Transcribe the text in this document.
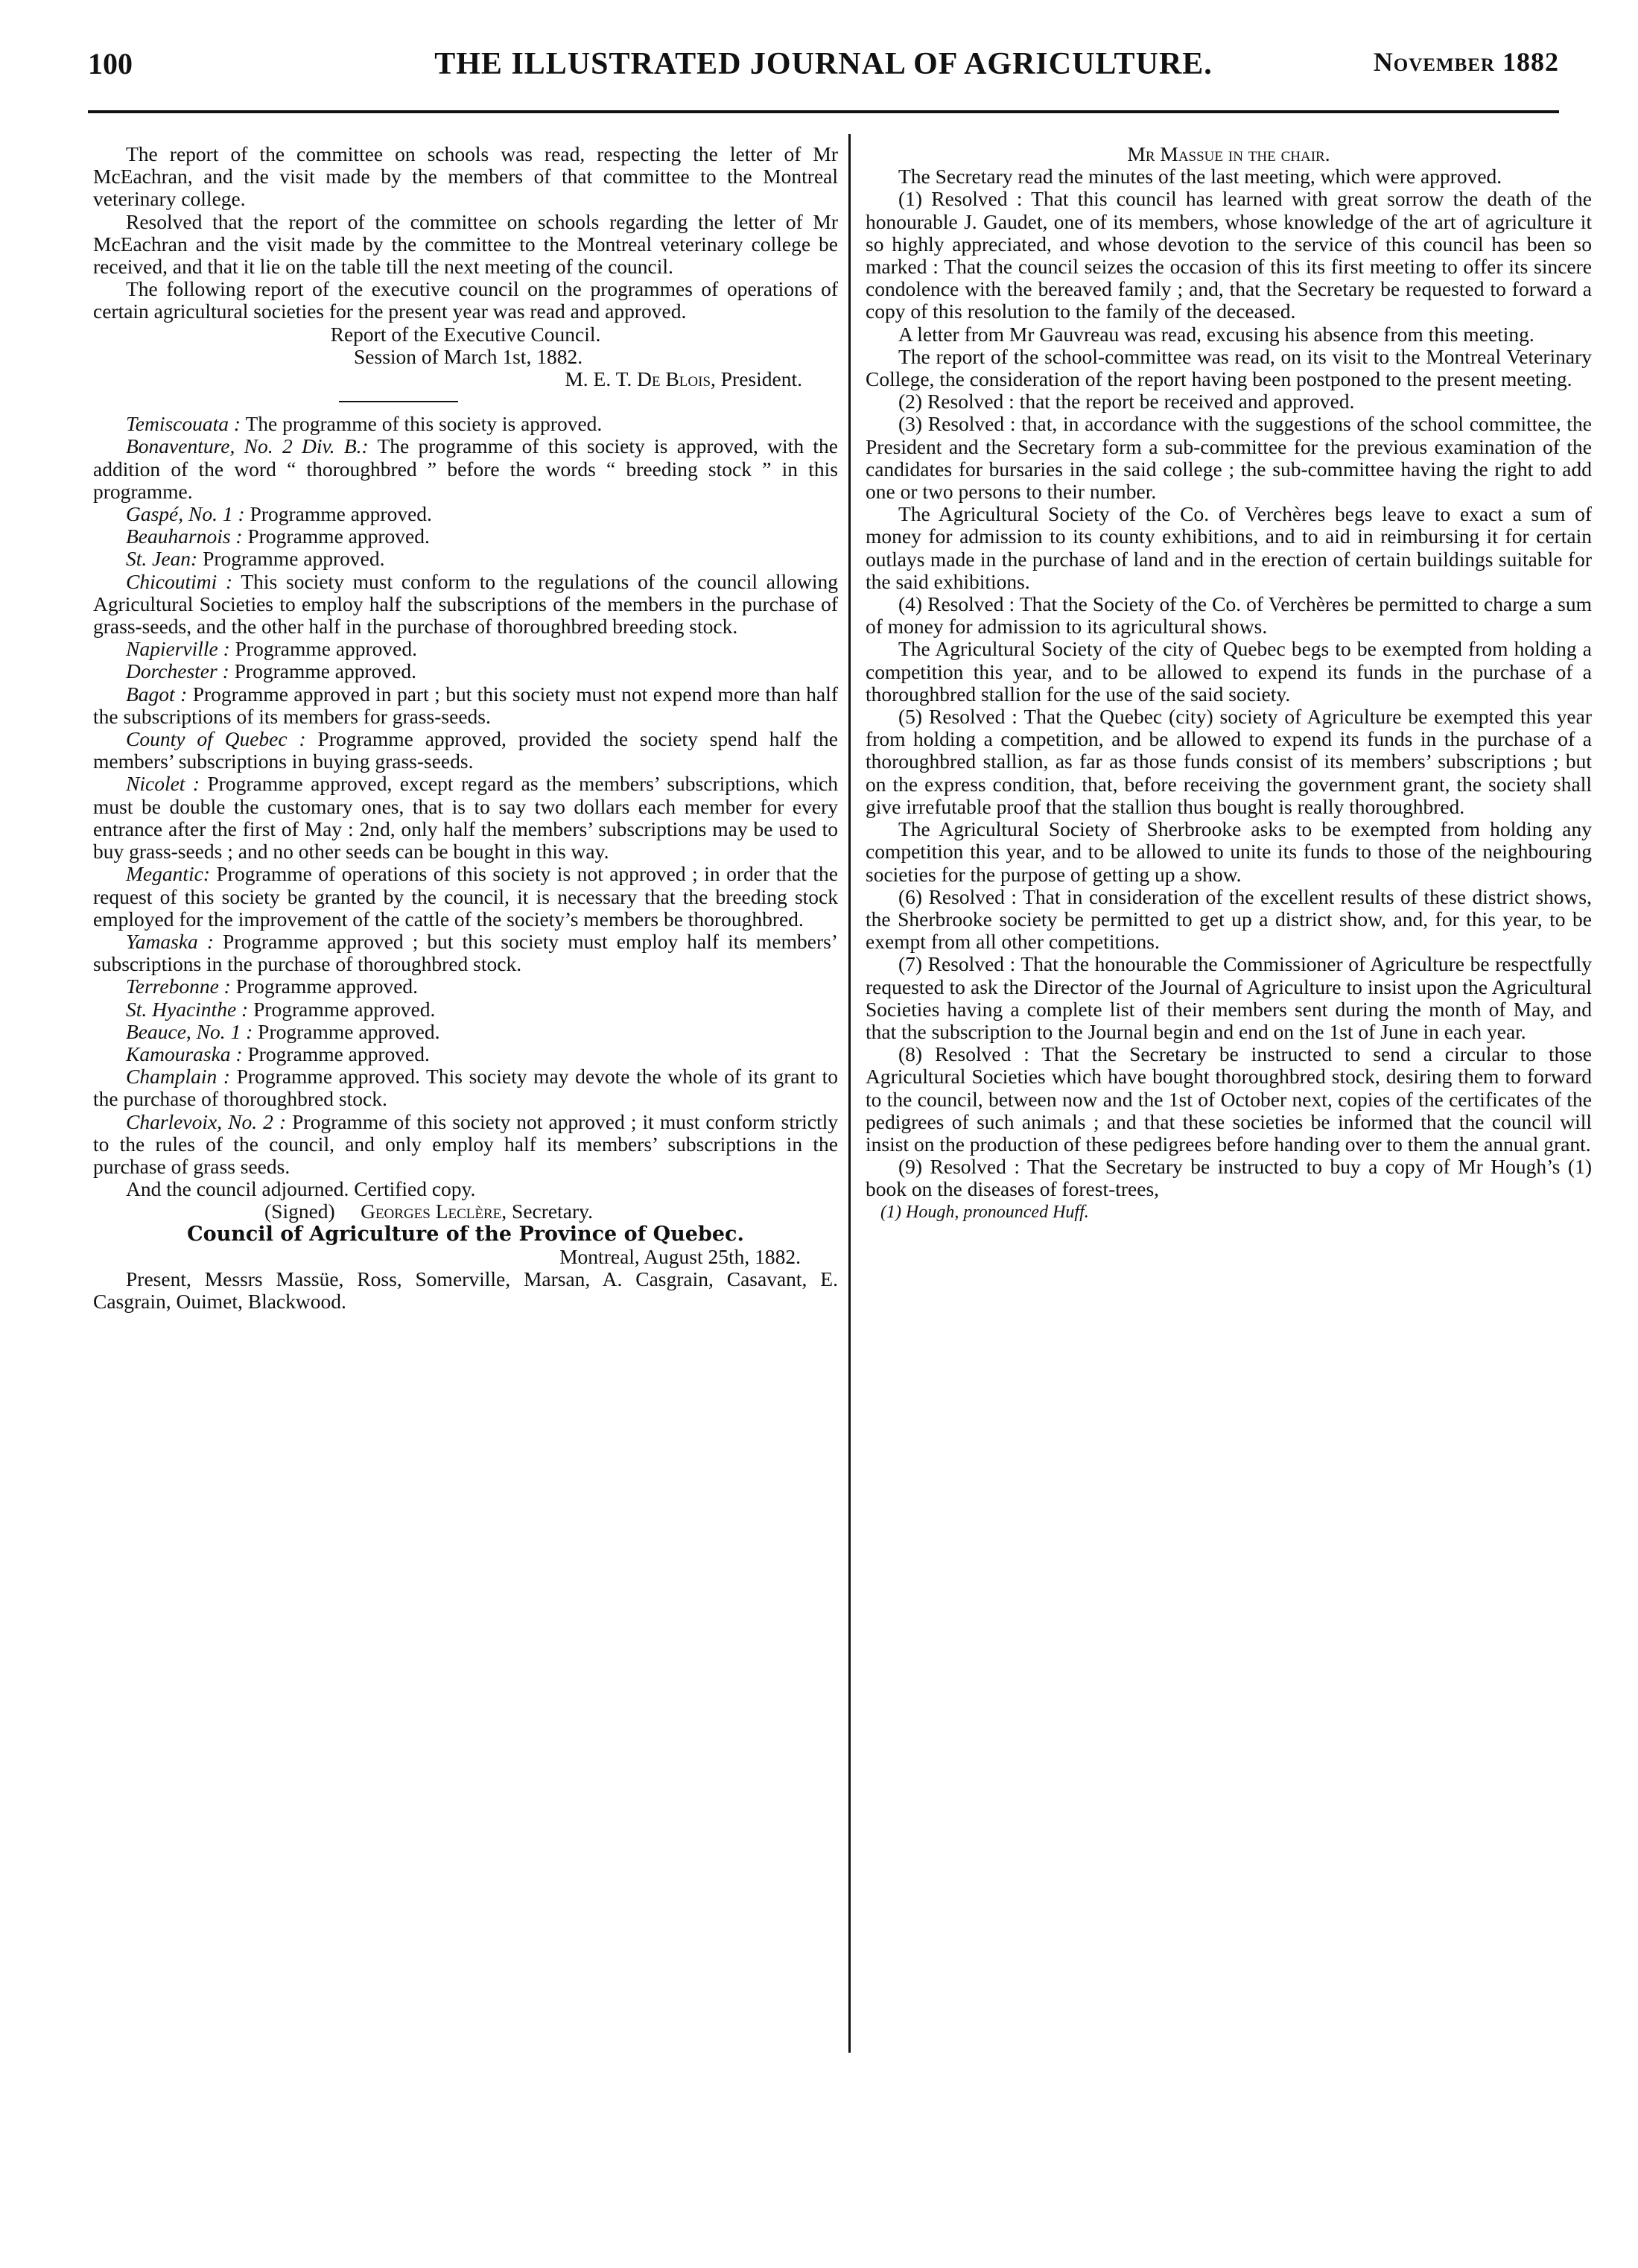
100	THE ILLUSTRATED JOURNAL OF AGRICULTURE.	November 1882

The report of the committee on schools was read, respecting the letter of Mr McEachran, and the visit made by the members of that committee to the Montreal veterinary college.

Resolved that the report of the committee on schools regarding the letter of Mr McEachran and the visit made by the committee to the Montreal veterinary college be received, and that it lie on the table till the next meeting of the council.

The following report of the executive council on the programmes of operations of certain agricultural societies for the present year was read and approved.

Report of the Executive Council.

Session of March 1st, 1882.

M. E. T. De Blois, President.

Temiscouata : The programme of this society is approved.

Bonaventure, No. 2 Div. B.: The programme of this society is approved, with the addition of the word “ thoroughbred ” before the words “ breeding stock ” in this programme.

Gaspé, No. 1 : Programme approved.

Beauharnois : Programme approved.

St. Jean: Programme approved.

Chicoutimi : This society must conform to the regulations of the council allowing Agricultural Societies to employ half the subscriptions of the members in the purchase of grass-seeds, and the other half in the purchase of thoroughbred breeding stock.

Napierville : Programme approved.

Dorchester : Programme approved.

Bagot : Programme approved in part ; but this society must not expend more than half the subscriptions of its members for grass-seeds.

County of Quebec : Programme approved, provided the society spend half the members’ subscriptions in buying grass-seeds.

Nicolet : Programme approved, except regard as the members’ subscriptions, which must be double the customary ones, that is to say two dollars each member for every entrance after the first of May : 2nd, only half the members’ subscriptions may be used to buy grass-seeds ; and no other seeds can be bought in this way.

Megantic: Programme of operations of this society is not approved ; in order that the request of this society be granted by the council, it is necessary that the breeding stock employed for the improvement of the cattle of the society’s members be thoroughbred.

Yamaska : Programme approved ; but this society must employ half its members’ subscriptions in the purchase of thoroughbred stock.

Terrebonne : Programme approved.

St. Hyacinthe : Programme approved.

Beauce, No. 1 : Programme approved.

Kamouraska : Programme approved.

Champlain : Programme approved. This society may devote the whole of its grant to the purchase of thoroughbred stock.

Charlevoix, No. 2 : Programme of this society not approved ; it must conform strictly to the rules of the council, and only employ half its members’ subscriptions in the purchase of grass seeds.

And the council adjourned. Certified copy.

(Signed) Georges Leclère, Secretary.

Council of Agriculture of the Province of Quebec.

Montreal, August 25th, 1882.

Present, Messrs Massüe, Ross, Somerville, Marsan, A. Casgrain, Casavant, E. Casgrain, Ouimet, Blackwood.

Mr Massue in the chair.

The Secretary read the minutes of the last meeting, which were approved.

(1) Resolved : That this council has learned with great sorrow the death of the honourable J. Gaudet, one of its members, whose knowledge of the art of agriculture it so highly appreciated, and whose devotion to the service of this council has been so marked : That the council seizes the occasion of this its first meeting to offer its sincere condolence with the bereaved family ; and, that the Secretary be requested to forward a copy of this resolution to the family of the deceased.

A letter from Mr Gauvreau was read, excusing his absence from this meeting.

The report of the school-committee was read, on its visit to the Montreal Veterinary College, the consideration of the report having been postponed to the present meeting.

(2) Resolved : that the report be received and approved.

(3) Resolved : that, in accordance with the suggestions of the school committee, the President and the Secretary form a sub-committee for the previous examination of the candidates for bursaries in the said college ; the sub-committee having the right to add one or two persons to their number.

The Agricultural Society of the Co. of Verchères begs leave to exact a sum of money for admission to its county exhibitions, and to aid in reimbursing it for certain outlays made in the purchase of land and in the erection of certain buildings suitable for the said exhibitions.

(4) Resolved : That the Society of the Co. of Verchères be permitted to charge a sum of money for admission to its agricultural shows.

The Agricultural Society of the city of Quebec begs to be exempted from holding a competition this year, and to be allowed to expend its funds in the purchase of a thoroughbred stallion for the use of the said society.

(5) Resolved : That the Quebec (city) society of Agriculture be exempted this year from holding a competition, and be allowed to expend its funds in the purchase of a thoroughbred stallion, as far as those funds consist of its members’ subscriptions ; but on the express condition, that, before receiving the government grant, the society shall give irrefutable proof that the stallion thus bought is really thoroughbred.

The Agricultural Society of Sherbrooke asks to be exempted from holding any competition this year, and to be allowed to unite its funds to those of the neighbouring societies for the purpose of getting up a show.

(6) Resolved : That in consideration of the excellent results of these district shows, the Sherbrooke society be permitted to get up a district show, and, for this year, to be exempt from all other competitions.

(7) Resolved : That the honourable the Commissioner of Agriculture be respectfully requested to ask the Director of the Journal of Agriculture to insist upon the Agricultural Societies having a complete list of their members sent during the month of May, and that the subscription to the Journal begin and end on the 1st of June in each year.

(8) Resolved : That the Secretary be instructed to send a circular to those Agricultural Societies which have bought thoroughbred stock, desiring them to forward to the council, between now and the 1st of October next, copies of the certificates of the pedigrees of such animals ; and that these societies be informed that the council will insist on the production of these pedigrees before handing over to them the annual grant.

(9) Resolved : That the Secretary be instructed to buy a copy of Mr Hough’s (1) book on the diseases of forest-trees,

(1) Hough, pronounced Huff.
